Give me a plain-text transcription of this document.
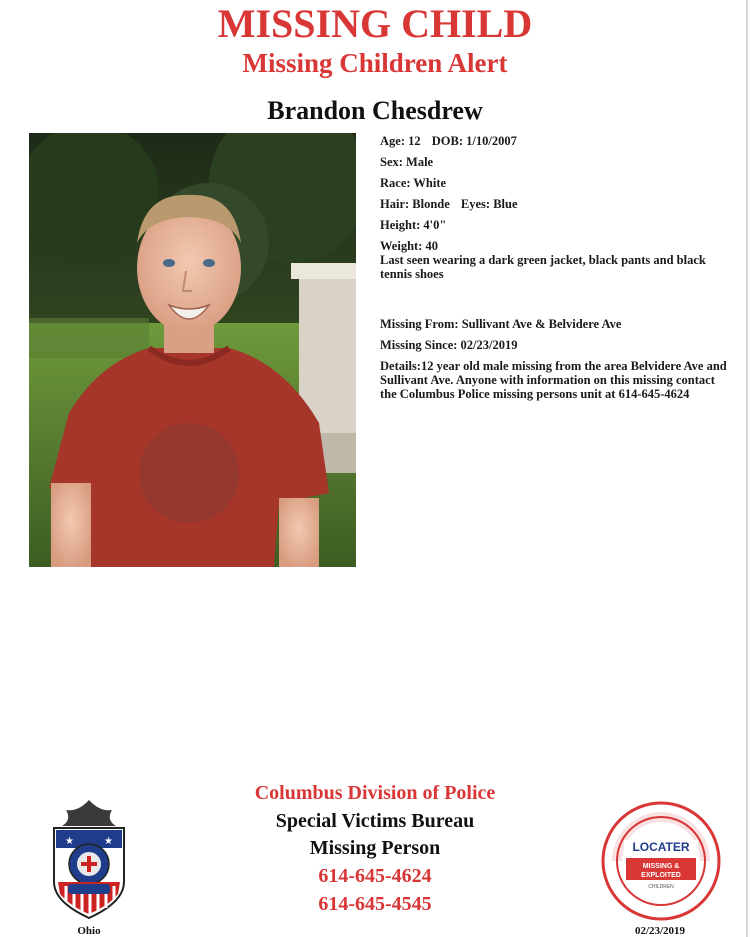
MISSING CHILD
Missing Children Alert
Brandon Chesdrew
Age: 12 DOB: 1/10/2007
Sex: Male
Race: White
Hair: Blonde Eyes: Blue
Height: 4'0"
Weight: 40
Last seen wearing a dark green jacket, black pants and black tennis shoes
Missing From: Sullivant Ave & Belvidere Ave
Missing Since: 02/23/2019
Details:12 year old male missing from the area Belvidere Ave and Sullivant Ave. Anyone with information on this missing contact the Columbus Police missing persons unit at 614-645-4624
Columbus Division of Police
Special Victims Bureau
Missing Person
614-645-4624
614-645-4545
★	★
Ohio
LOCATER
MISSING &
EXPLOITED
CHILDREN
02/23/2019
